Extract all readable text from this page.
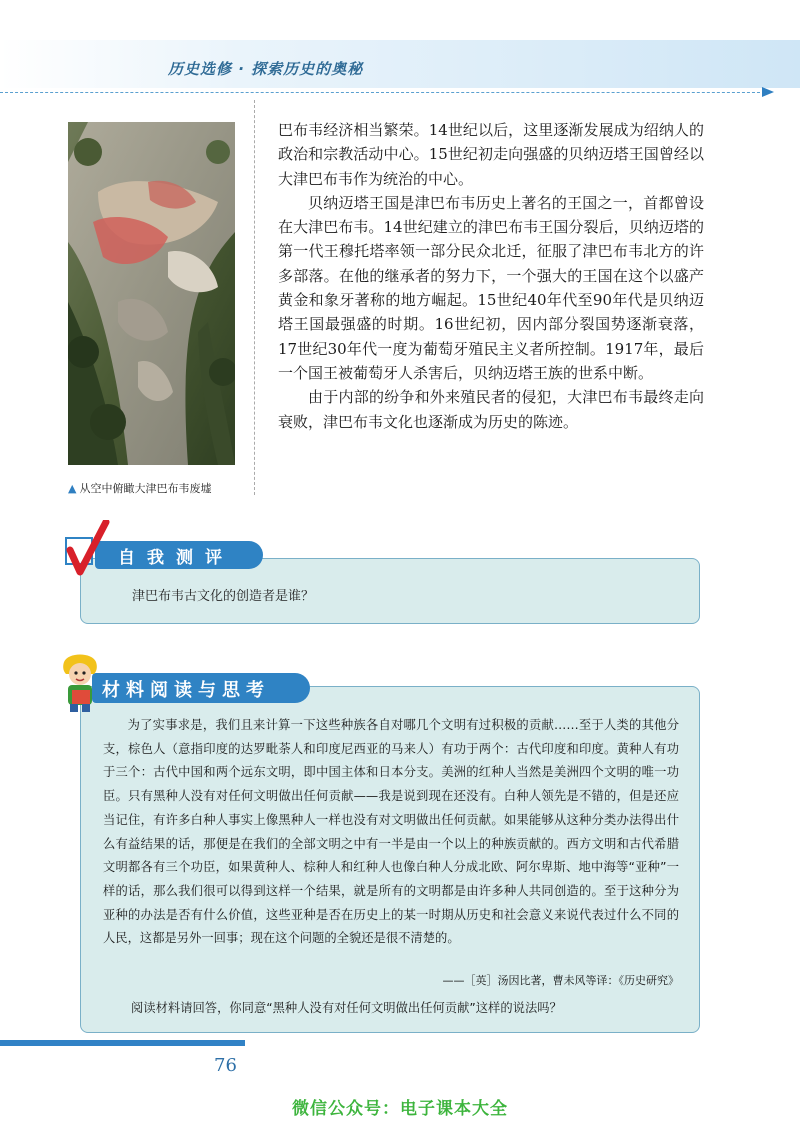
历史选修 · 探索历史的奥秘
▲ 从空中俯瞰大津巴布韦废墟

巴布韦经济相当繁荣。14世纪以后，这里逐渐发展成为绍纳人的政治和宗教活动中心。15世纪初走向强盛的贝纳迈塔王国曾经以大津巴布韦作为统治的中心。

贝纳迈塔王国是津巴布韦历史上著名的王国之一，首都曾设在大津巴布韦。14世纪建立的津巴布韦王国分裂后，贝纳迈塔的第一代王穆托塔率领一部分民众北迁，征服了津巴布韦北方的许多部落。在他的继承者的努力下，一个强大的王国在这个以盛产黄金和象牙著称的地方崛起。15世纪40年代至90年代是贝纳迈塔王国最强盛的时期。16世纪初，因内部分裂国势逐渐衰落，17世纪30年代一度为葡萄牙殖民主义者所控制。1917年，最后一个国王被葡萄牙人杀害后，贝纳迈塔王族的世系中断。

由于内部的纷争和外来殖民者的侵犯，大津巴布韦最终走向衰败，津巴布韦文化也逐渐成为历史的陈迹。

自我测评
津巴布韦古文化的创造者是谁？
材料阅读与思考

为了实事求是，我们且来计算一下这些种族各自对哪几个文明有过积极的贡献……至于人类的其他分支，棕色人（意指印度的达罗毗荼人和印度尼西亚的马来人）有功于两个：古代印度和印度。黄种人有功于三个：古代中国和两个远东文明，即中国主体和日本分支。美洲的红种人当然是美洲四个文明的唯一功臣。只有黑种人没有对任何文明做出任何贡献——我是说到现在还没有。白种人领先是不错的，但是还应当记住，有许多白种人事实上像黑种人一样也没有对文明做出任何贡献。如果能够从这种分类办法得出什么有益结果的话，那便是在我们的全部文明之中有一半是由一个以上的种族贡献的。西方文明和古代希腊文明都各有三个功臣，如果黄种人、棕种人和红种人也像白种人分成北欧、阿尔卑斯、地中海等“亚种”一样的话，那么我们很可以得到这样一个结果，就是所有的文明都是由许多种人共同创造的。至于这种分为亚种的办法是否有什么价值，这些亚种是否在历史上的某一时期从历史和社会意义来说代表过什么不同的人民，这都是另外一回事；现在这个问题的全貌还是很不清楚的。

——［英］汤因比著，曹未风等译：《历史研究》
阅读材料请回答，你同意“黑种人没有对任何文明做出任何贡献”这样的说法吗？
76
微信公众号：电子课本大全
